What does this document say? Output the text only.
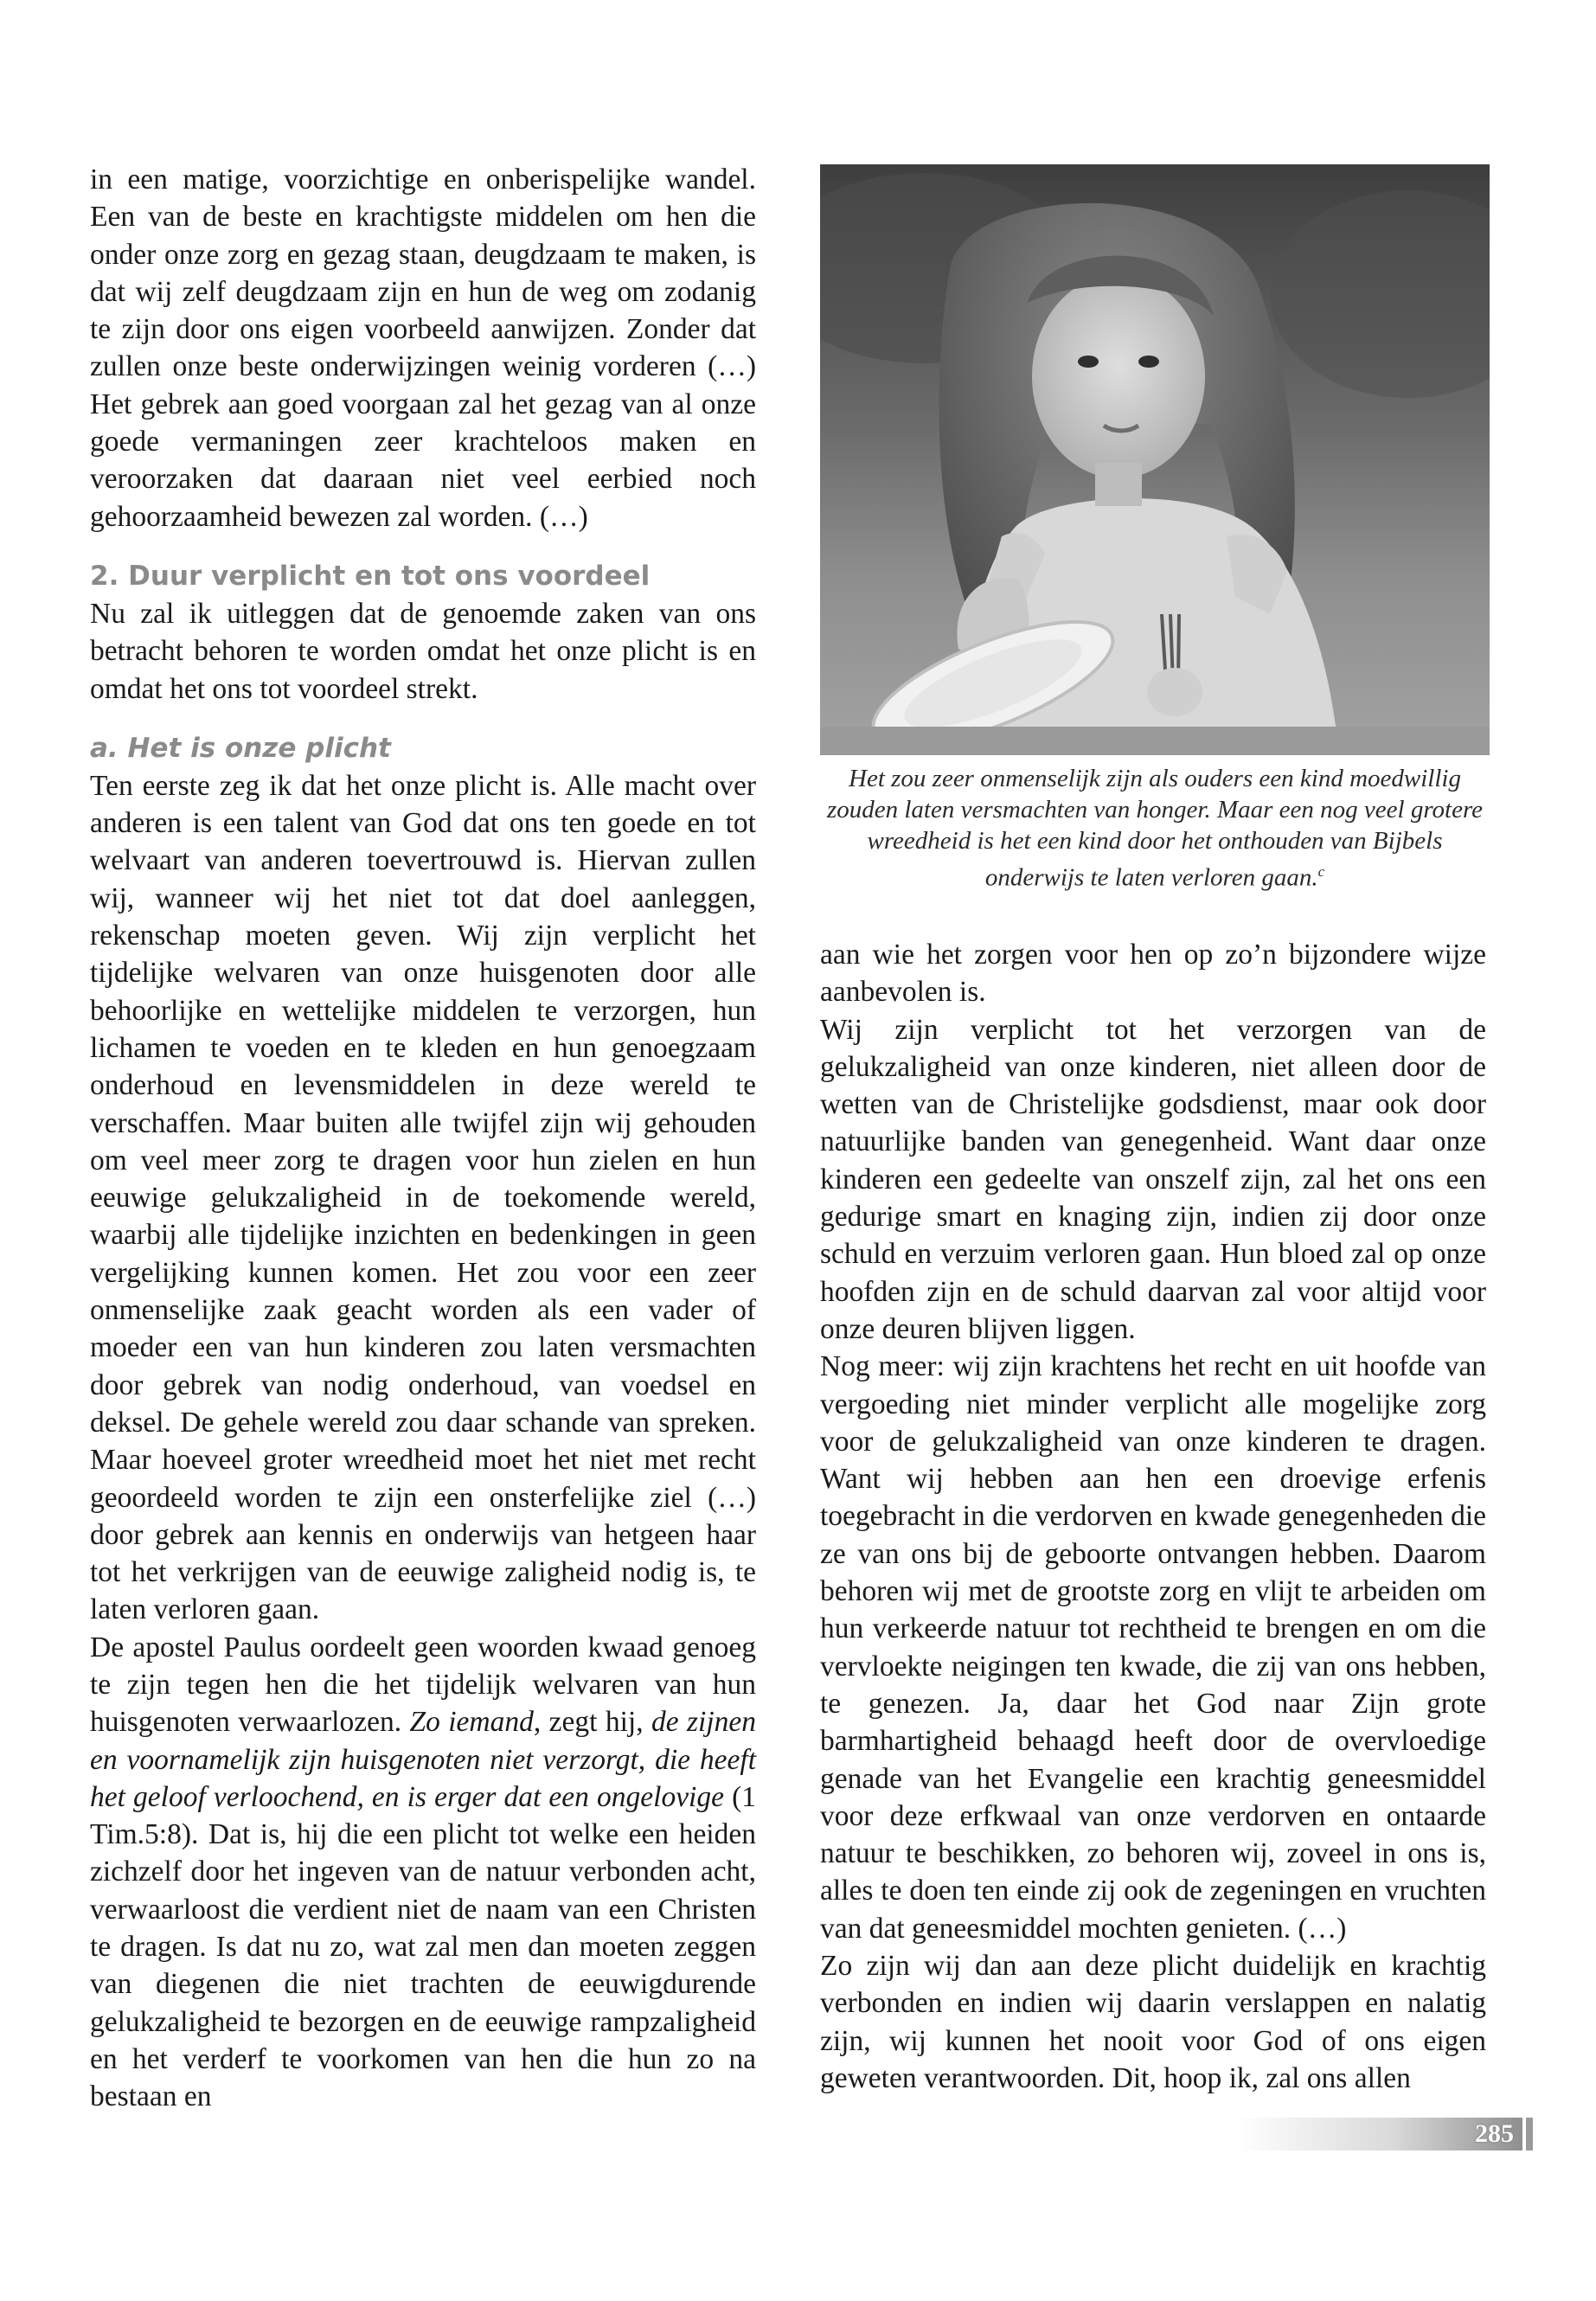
in een matige, voorzichtige en onberispelijke wandel. Een van de beste en krachtigste middelen om hen die onder onze zorg en gezag staan, deugdzaam te maken, is dat wij zelf deugdzaam zijn en hun de weg om zodanig te zijn door ons eigen voorbeeld aanwijzen. Zonder dat zullen onze beste onderwijzingen weinig vorderen (…) Het gebrek aan goed voorgaan zal het gezag van al onze goede vermaningen zeer krachteloos maken en veroorzaken dat daaraan niet veel eerbied noch gehoorzaamheid bewezen zal worden. (…)

2. Duur verplicht en tot ons voordeel

Nu zal ik uitleggen dat de genoemde zaken van ons betracht behoren te worden omdat het onze plicht is en omdat het ons tot voordeel strekt.

a. Het is onze plicht

Ten eerste zeg ik dat het onze plicht is. Alle macht over anderen is een talent van God dat ons ten goede en tot welvaart van anderen toevertrouwd is. Hiervan zullen wij, wanneer wij het niet tot dat doel aanleggen, rekenschap moeten geven. Wij zijn verplicht het tijdelijke welvaren van onze huisgenoten door alle behoorlijke en wettelijke middelen te verzorgen, hun lichamen te voeden en te kleden en hun genoegzaam onderhoud en levensmiddelen in deze wereld te verschaffen. Maar buiten alle twijfel zijn wij gehouden om veel meer zorg te dragen voor hun zielen en hun eeuwige gelukzaligheid in de toekomende wereld, waarbij alle tijdelijke inzichten en bedenkingen in geen vergelijking kunnen komen. Het zou voor een zeer onmenselijke zaak geacht worden als een vader of moeder een van hun kinderen zou laten versmachten door gebrek van nodig onderhoud, van voedsel en deksel. De gehele wereld zou daar schande van spreken. Maar hoeveel groter wreedheid moet het niet met recht geoordeeld worden te zijn een onsterfelijke ziel (…) door gebrek aan kennis en onderwijs van hetgeen haar tot het verkrijgen van de eeuwige zaligheid nodig is, te laten verloren gaan.

De apostel Paulus oordeelt geen woorden kwaad genoeg te zijn tegen hen die het tijdelijk welvaren van hun huisgenoten verwaarlozen. Zo iemand, zegt hij, de zijnen en voornamelijk zijn huisgenoten niet verzorgt, die heeft het geloof verloochend, en is erger dat een ongelovige (1 Tim.5:8). Dat is, hij die een plicht tot welke een heiden zichzelf door het ingeven van de natuur verbonden acht, verwaarloost die verdient niet de naam van een Christen te dragen. Is dat nu zo, wat zal men dan moeten zeggen van diegenen die niet trachten de eeuwigdurende gelukzaligheid te bezorgen en de eeuwige rampzaligheid en het verderf te voorkomen van hen die hun zo na bestaan en

Het zou zeer onmenselijk zijn als ouders een kind moedwillig zouden laten versmachten van honger. Maar een nog veel grotere wreedheid is het een kind door het onthouden van Bijbels onderwijs te laten verloren gaan.$^c$

aan wie het zorgen voor hen op zo’n bijzondere wijze aanbevolen is.

Wij zijn verplicht tot het verzorgen van de gelukzaligheid van onze kinderen, niet alleen door de wetten van de Christelijke godsdienst, maar ook door natuurlijke banden van genegenheid. Want daar onze kinderen een gedeelte van onszelf zijn, zal het ons een gedurige smart en knaging zijn, indien zij door onze schuld en verzuim verloren gaan. Hun bloed zal op onze hoofden zijn en de schuld daarvan zal voor altijd voor onze deuren blijven liggen.

Nog meer: wij zijn krachtens het recht en uit hoofde van vergoeding niet minder verplicht alle mogelijke zorg voor de gelukzaligheid van onze kinderen te dragen. Want wij hebben aan hen een droevige erfenis toegebracht in die verdorven en kwade genegenheden die ze van ons bij de geboorte ontvangen hebben. Daarom behoren wij met de grootste zorg en vlijt te arbeiden om hun verkeerde natuur tot rechtheid te brengen en om die vervloekte neigingen ten kwade, die zij van ons hebben, te genezen. Ja, daar het God naar Zijn grote barmhartigheid behaagd heeft door de overvloedige genade van het Evangelie een krachtig geneesmiddel voor deze erfkwaal van onze verdorven en ontaarde natuur te beschikken, zo behoren wij, zoveel in ons is, alles te doen ten einde zij ook de zegeningen en vruchten van dat geneesmiddel mochten genieten. (…)

Zo zijn wij dan aan deze plicht duidelijk en krachtig verbonden en indien wij daarin verslappen en nalatig zijn, wij kunnen het nooit voor God of ons eigen geweten verantwoorden. Dit, hoop ik, zal ons allen

285
